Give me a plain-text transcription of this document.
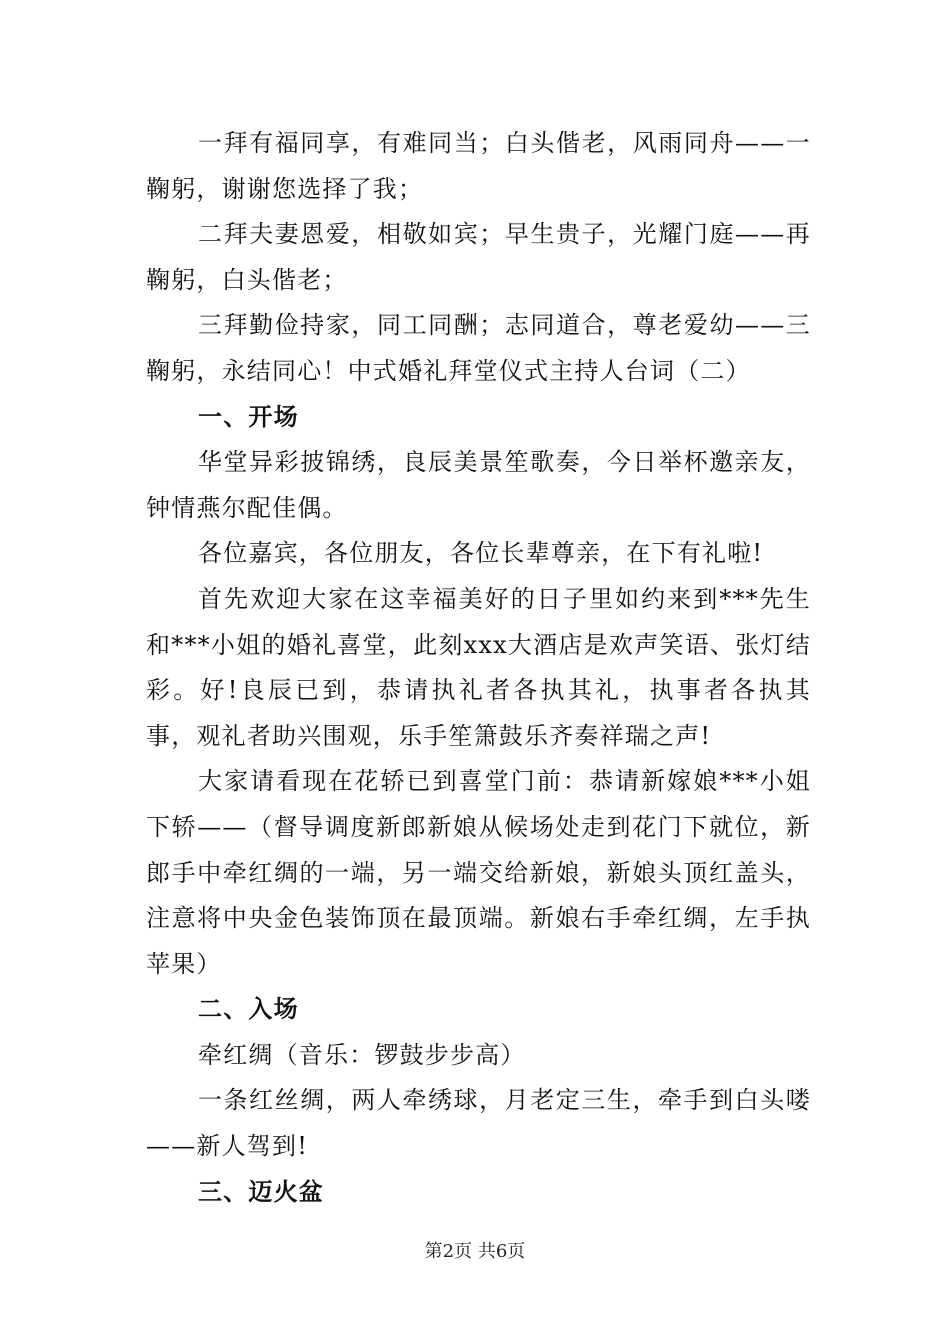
一拜有福同享，有难同当；白头偕老，风雨同舟——一鞠躬，谢谢您选择了我；

二拜夫妻恩爱，相敬如宾；早生贵子，光耀门庭——再鞠躬，白头偕老；

三拜勤俭持家，同工同酬；志同道合，尊老爱幼——三鞠躬，永结同心！中式婚礼拜堂仪式主持人台词（二）

一、开场

华堂异彩披锦绣，良辰美景笙歌奏，今日举杯邀亲友，钟情燕尔配佳偶。

各位嘉宾，各位朋友，各位长辈尊亲，在下有礼啦!

首先欢迎大家在这幸福美好的日子里如约来到***先生和***小姐的婚礼喜堂，此刻xxx大酒店是欢声笑语、张灯结彩。好!良辰已到，恭请执礼者各执其礼，执事者各执其事，观礼者助兴围观，乐手笙箫鼓乐齐奏祥瑞之声!

大家请看现在花轿已到喜堂门前：恭请新嫁娘***小姐下轿——（督导调度新郎新娘从候场处走到花门下就位，新郎手中牵红绸的一端，另一端交给新娘，新娘头顶红盖头，注意将中央金色装饰顶在最顶端。新娘右手牵红绸，左手执苹果）

二、入场

牵红绸（音乐：锣鼓步步高）

一条红丝绸，两人牵绣球，月老定三生，牵手到白头喽——新人驾到!

三、迈火盆

第2页 共6页
